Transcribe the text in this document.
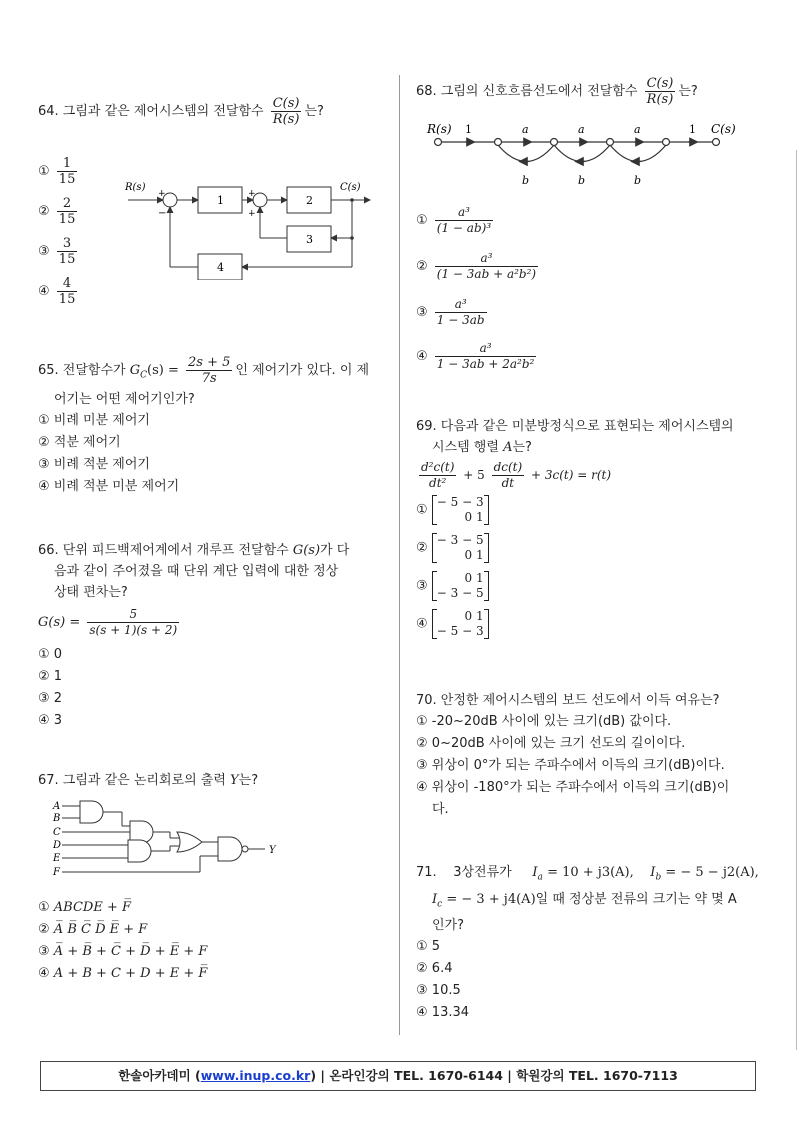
64. 그림과 같은 제어시스템의 전달함수 $\frac{C(s)}{R(s)}$ 는?
① $\frac{1}{15}$
② $\frac{2}{15}$
③ $\frac{3}{15}$
④ $\frac{4}{15}$
R(s)	C(s)
1	2
3
4
+
−
+
+
65. 전달함수가 $G_C(s) = \frac{2s + 5}{7s}$ 인 제어기가 있다. 이 제
어기는 어떤 제어기인가?
① 비례 미분 제어기
② 적분 제어기
③ 비례 적분 제어기
④ 비례 적분 미분 제어기
66. 단위 피드백제어계에서 개루프 전달함수 G(s)가 다
음과 같이 주어졌을 때 단위 계단 입력에 대한 정상
상태 편차는?
$G(s) = \frac{5}{s(s + 1)(s + 2)}$
① 0
② 1
③ 2
④ 3
67. 그림과 같은 논리회로의 출력 Y는?
A
B
C
D
E
F
Y
① ABCDE + F̅
② A̅ B̅ C̅ D̅ E̅ + F
③ A̅ + B̅ + C̅ + D̅ + E̅ + F
④ A + B + C + D + E + F̅
68. 그림의 신호흐름선도에서 전달함수 $\frac{C(s)}{R(s)}$ 는?
R(s)	C(s)
1	a	a	a	1
b	b	b
① $\frac{\text{a³}}{\text{(1 − ab)³}}$
② $\frac{\text{a³}}{\text{(1 − 3ab + a²b²)}}$
③ $\frac{\text{a³}}{1 - 3ab}$
④ $\frac{\text{a³}}{\text{1 − 3ab + 2a²b²}}$
69. 다음과 같은 미분방정식으로 표현되는 제어시스템의
시스템 행렬 A는?
$\frac{\text{d²c(t)}}{\text{dt²}} + 5 \frac{dc(t)}{dt} + 3c(t) = r(t)$
①
− 5 − 3
0 1
②
− 3 − 5
0 1
③
0 1
− 3 − 5
④
0 1
− 5 − 3
70. 안정한 제어시스템의 보드 선도에서 이득 여유는?
① -20~20dB 사이에 있는 크기(dB) 값이다.
② 0~20dB 사이에 있는 크기 선도의 길이이다.
③ 위상이 0°가 되는 주파수에서 이득의 크기(dB)이다.
④ 위상이 -180°가 되는 주파수에서 이득의 크기(dB)이
다.
71. 3상전류가 $I_a = 10 + j3(A)$, $I_b$ = − 5 − j2(A),
$I_c$ = − 3 + j4(A)일 때 정상분 전류의 크기는 약 몇 A
인가?
① 5
② 6.4
③ 10.5
④ 13.34
한솔아카데미 (www.inup.co.kr) | 온라인강의 TEL. 1670-6144 | 학원강의 TEL. 1670-7113
